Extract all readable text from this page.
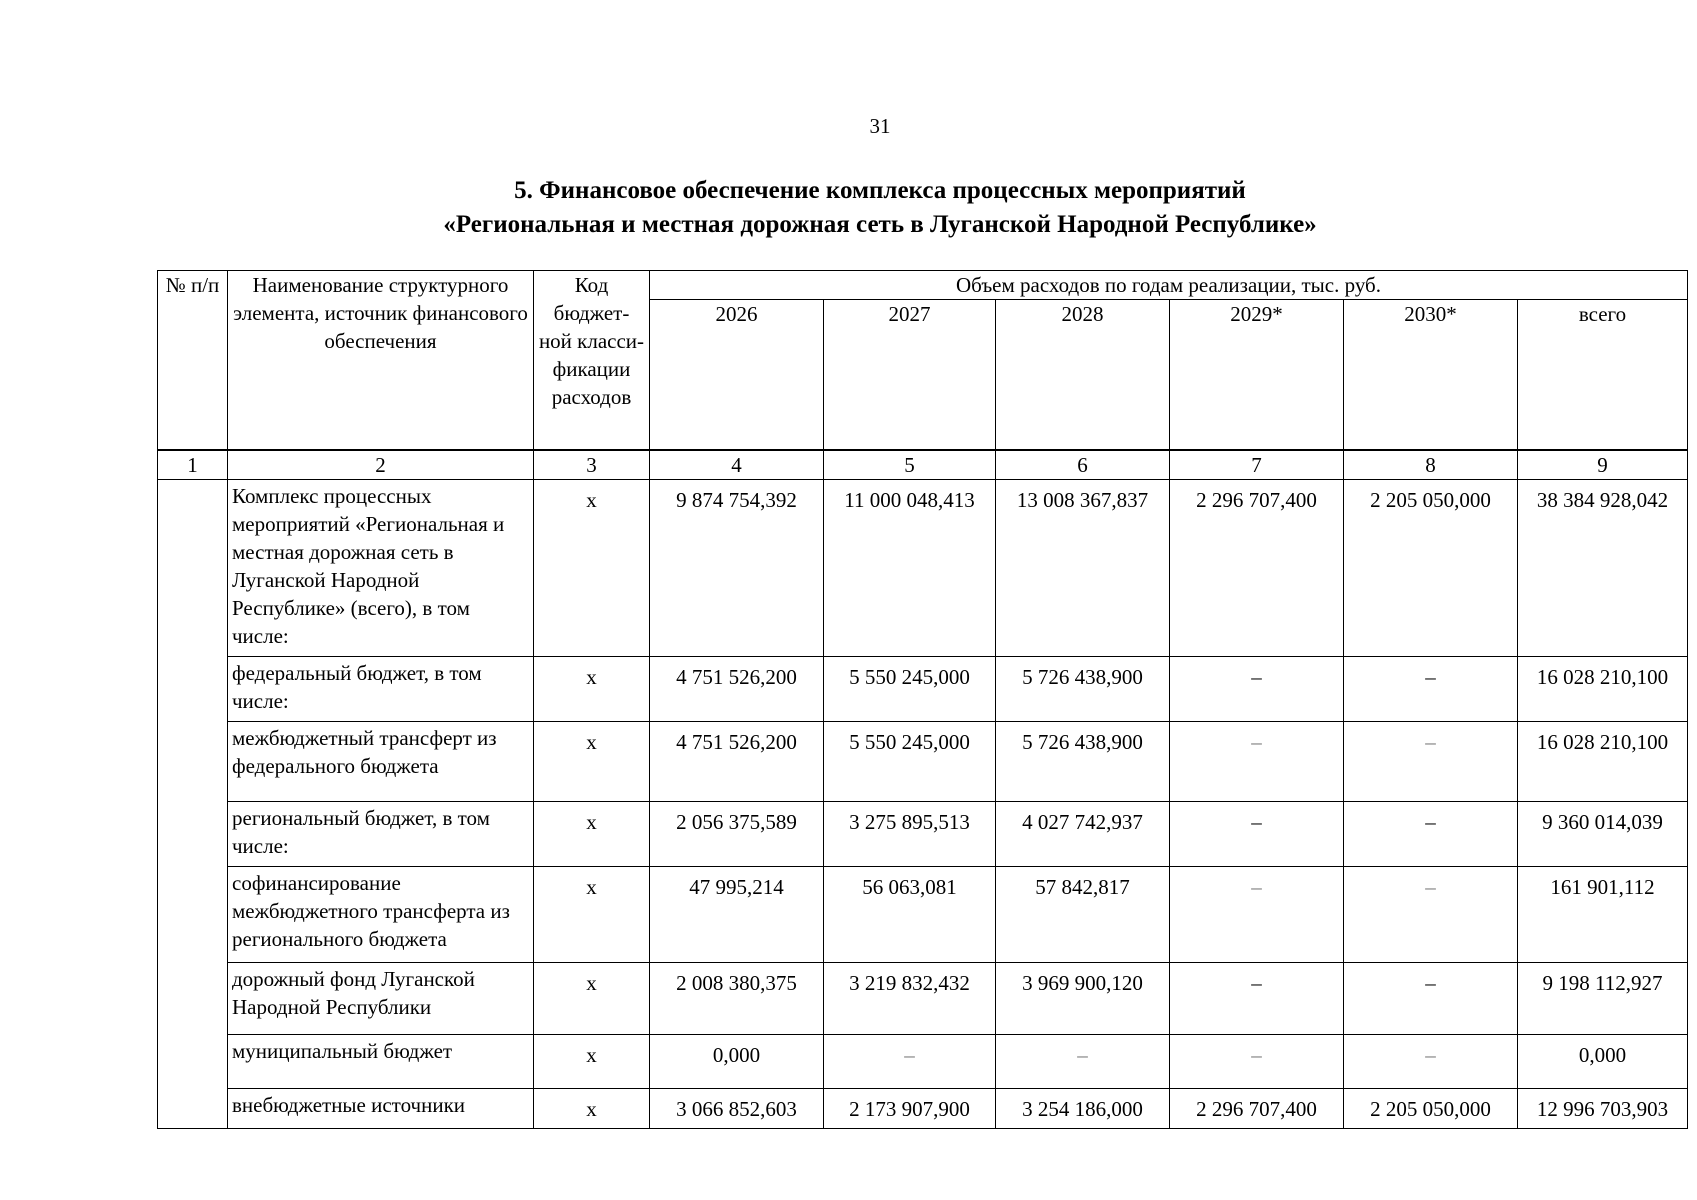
31
5. Финансовое обеспечение комплекса процессных мероприятий
«Региональная и местная дорожная сеть в Луганской Народной Республике»
№ п/п	Наименование структурного элемента, источник финансового обеспечения	Код бюджет- ной класси- фикации расходов	Объем расходов по годам реализации, тыс. руб.					
			2026	2027	2028	2029*	2030*	всего
1	2	3	4	5	6	7	8	9
	Комплекс процессных мероприятий «Региональная и местная дорожная сеть в Луганской Народной Республике» (всего), в том числе:	х	9 874 754,392	11 000 048,413	13 008 367,837	2 296 707,400	2 205 050,000	38 384 928,042
	федеральный бюджет, в том числе:	х	4 751 526,200	5 550 245,000	5 726 438,900	–	–	16 028 210,100
	межбюджетный трансферт из федерального бюджета	х	4 751 526,200	5 550 245,000	5 726 438,900	–	–	16 028 210,100
	региональный бюджет, в том числе:	х	2 056 375,589	3 275 895,513	4 027 742,937	–	–	9 360 014,039
	софинансирование межбюджетного трансферта из регионального бюджета	х	47 995,214	56 063,081	57 842,817	–	–	161 901,112
	дорожный фонд Луганской Народной Республики	х	2 008 380,375	3 219 832,432	3 969 900,120	–	–	9 198 112,927
	муниципальный бюджет	х	0,000	–	–	–	–	0,000
	внебюджетные источники	х	3 066 852,603	2 173 907,900	3 254 186,000	2 296 707,400	2 205 050,000	12 996 703,903
